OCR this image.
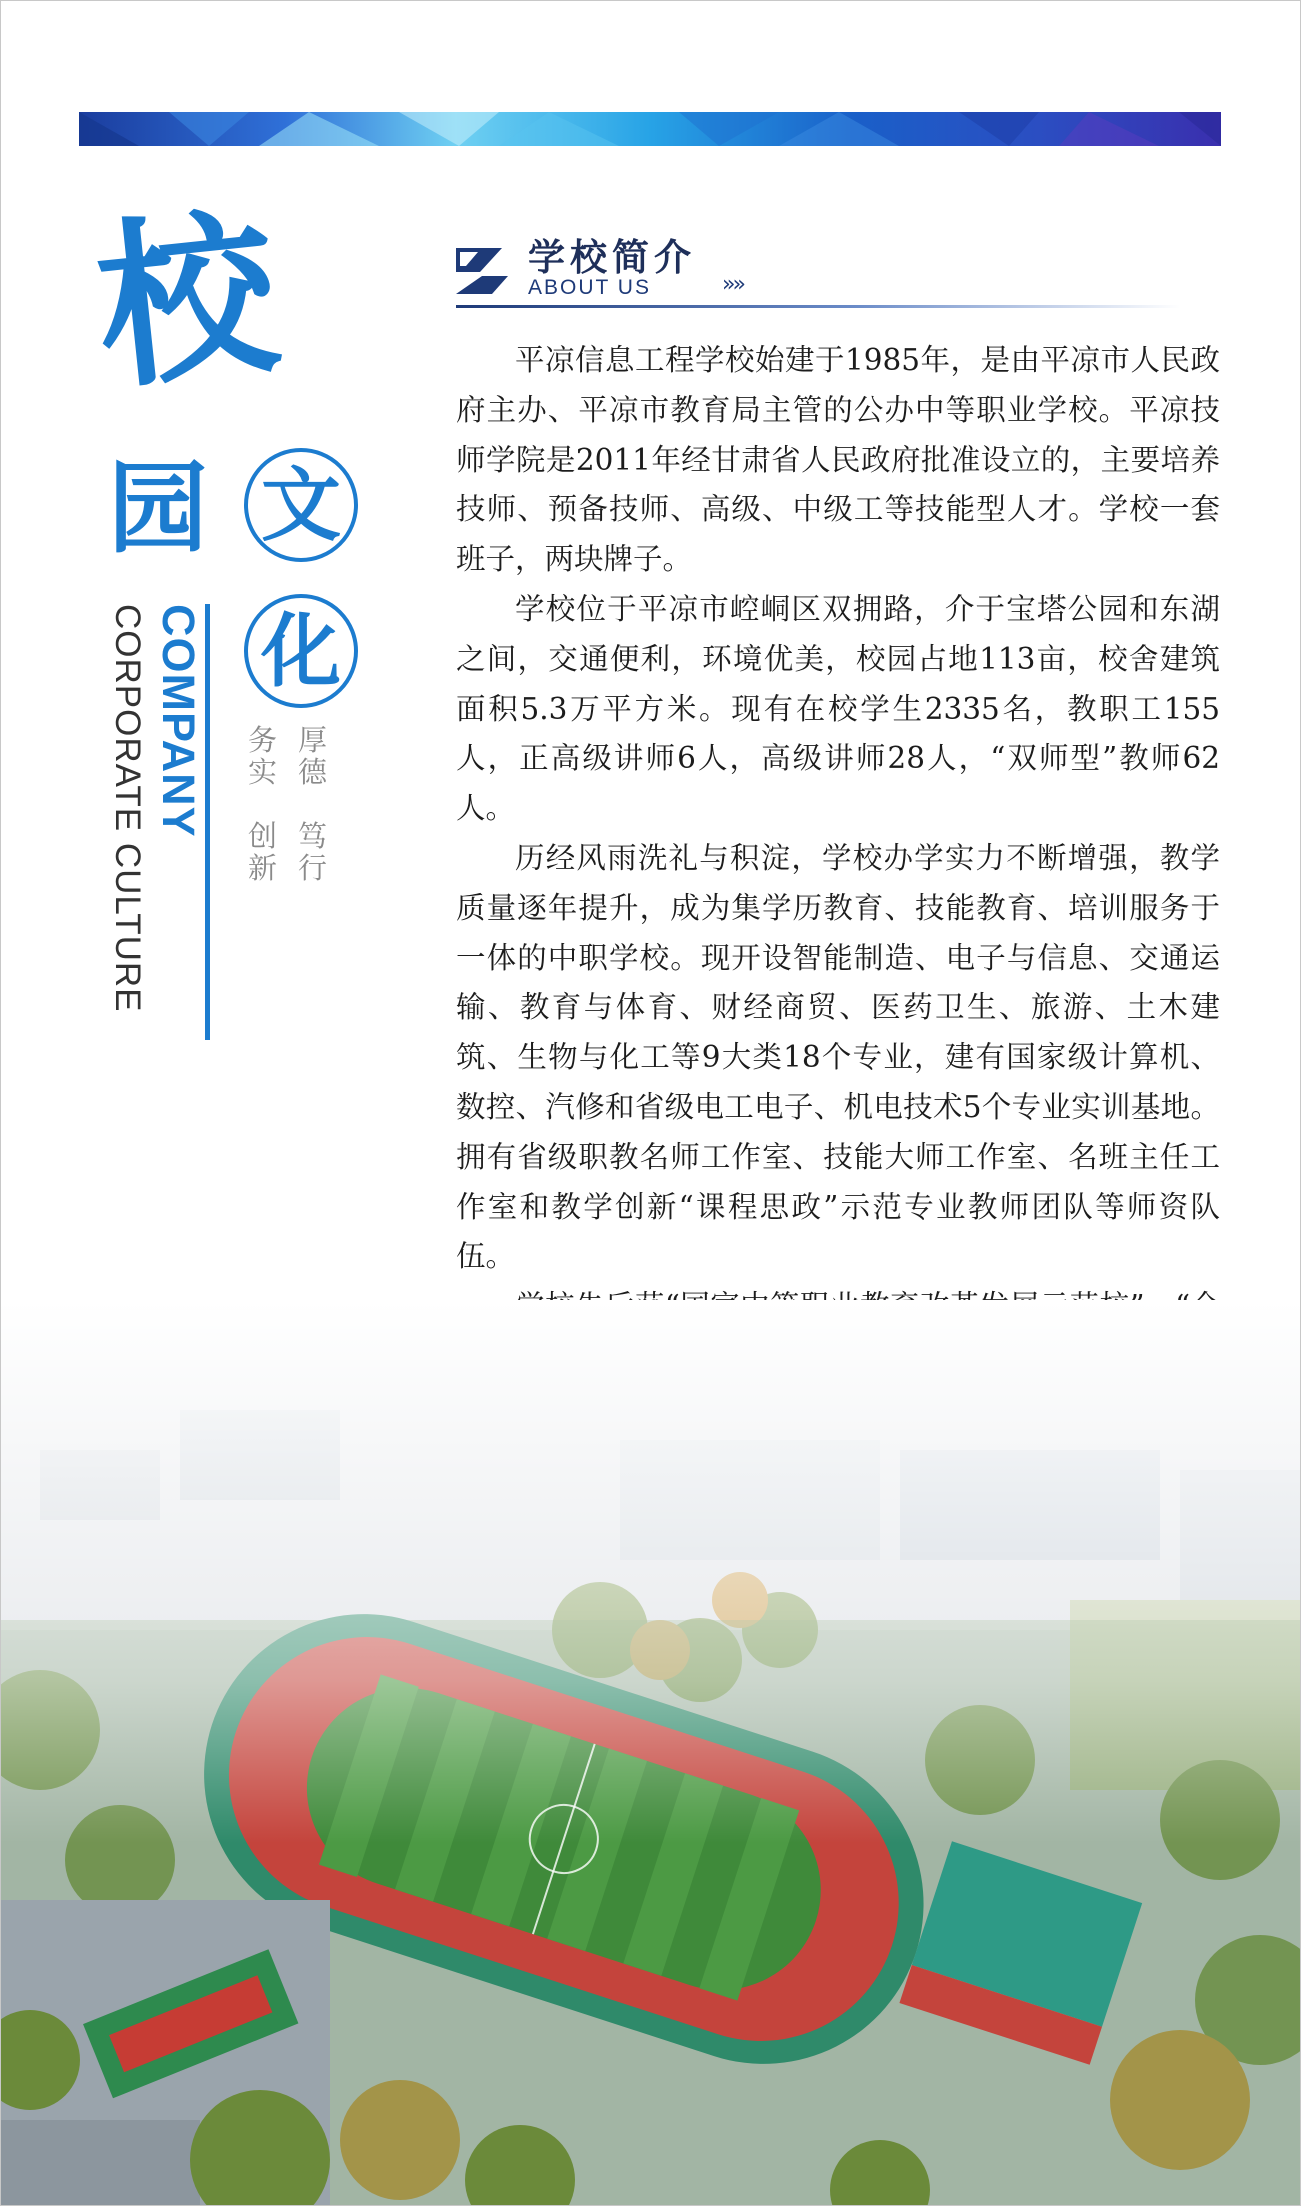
校
园 文
化
COMPANY
CORPORATE CULTURE	厚
德
务
实
笃
行
创
新
学校简介
ABOUT US	»»

平凉信息工程学校始建于1985年，是由平凉市人民政府主办、平凉市教育局主管的公办中等职业学校。平凉技师学院是2011年经甘肃省人民政府批准设立的，主要培养技师、预备技师、高级、中级工等技能型人才。学校一套班子，两块牌子。

学校位于平凉市崆峒区双拥路，介于宝塔公园和东湖之间，交通便利，环境优美，校园占地113亩，校舍建筑面积5.3万平方米。现有在校学生2335名，教职工155人，正高级讲师6人，高级讲师28人，“双师型”教师62人。

历经风雨洗礼与积淀，学校办学实力不断增强，教学质量逐年提升，成为集学历教育、技能教育、培训服务于一体的中职学校。现开设智能制造、电子与信息、交通运输、教育与体育、财经商贸、医药卫生、旅游、土木建筑、生物与化工等9大类18个专业，建有国家级计算机、数控、汽修和省级电工电子、机电技术5个专业实训基地。拥有省级职教名师工作室、技能大师工作室、名班主任工作室和教学创新“课程思政”示范专业教师团队等师资队伍。
